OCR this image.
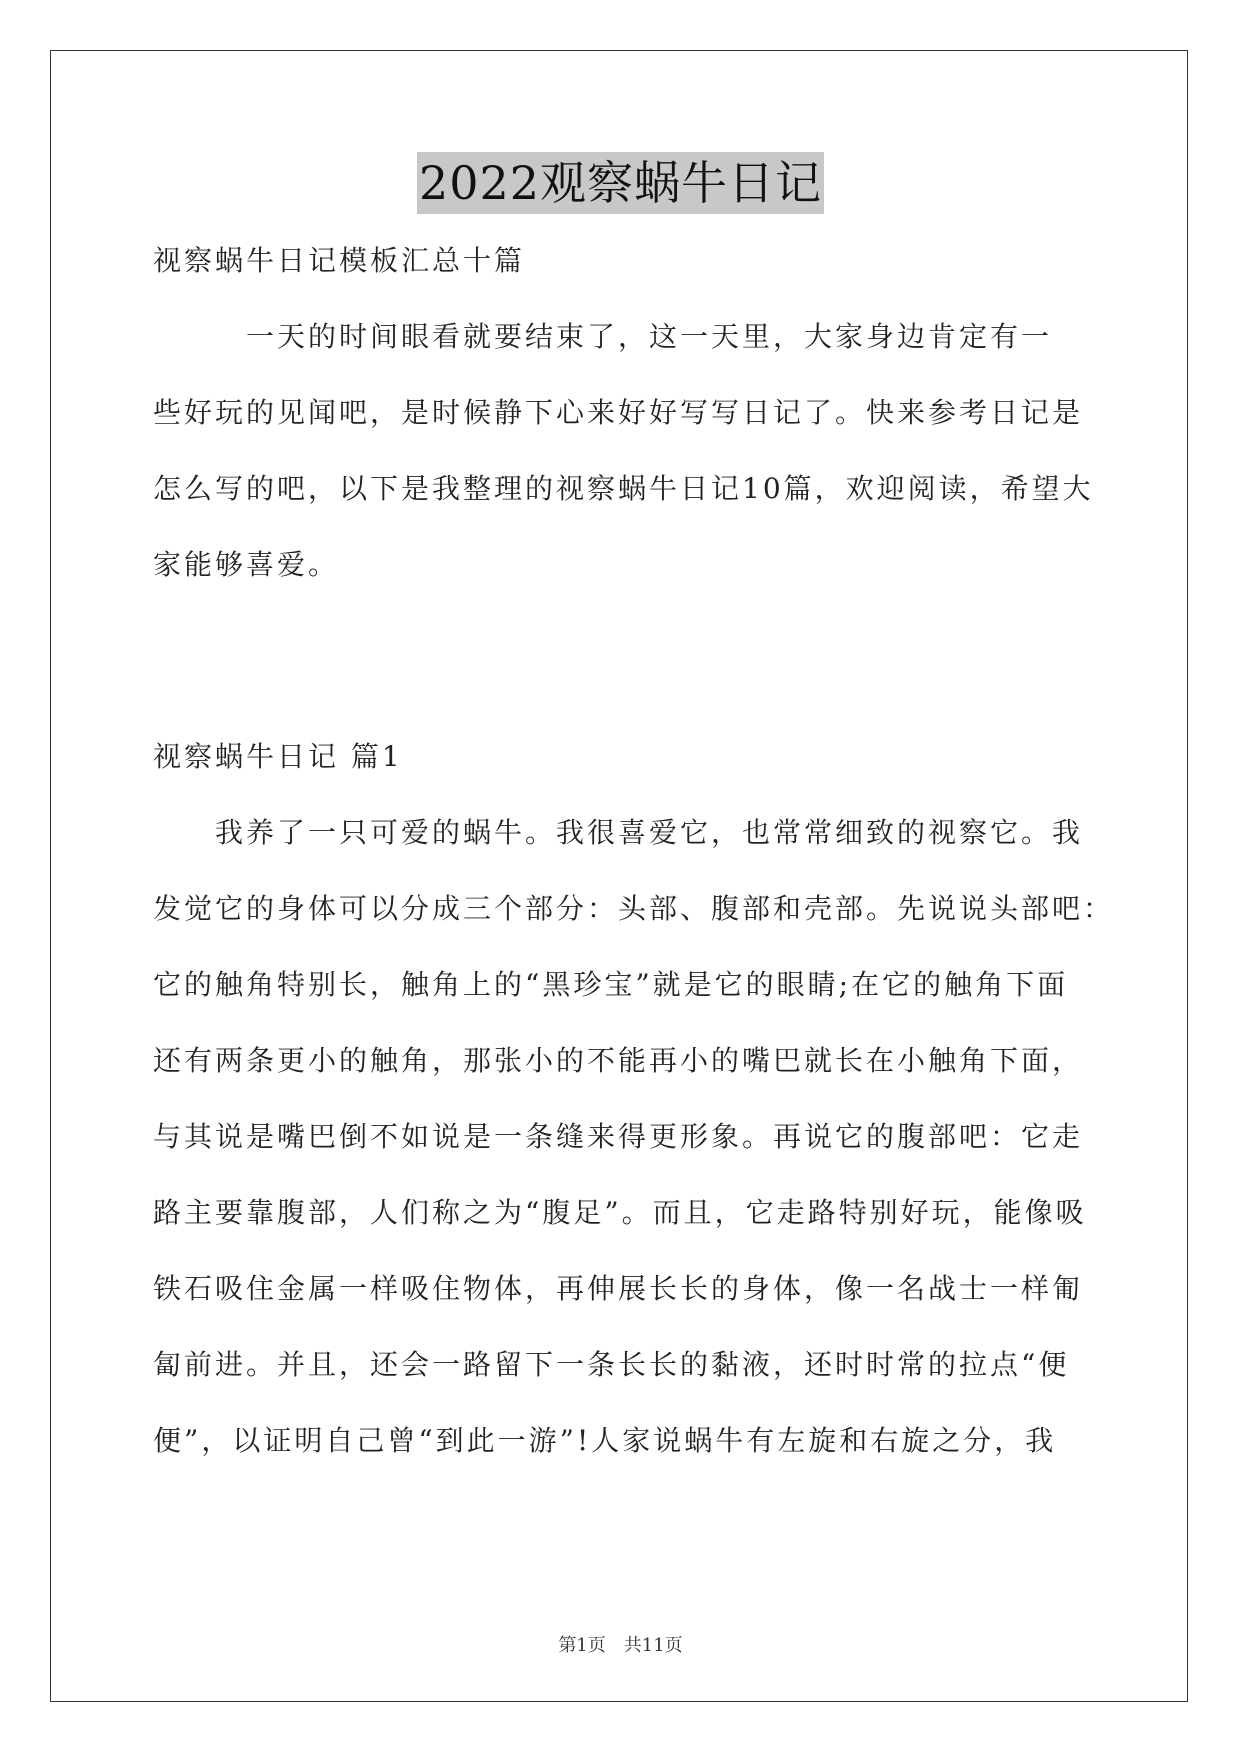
2022观察蜗牛日记
视察蜗牛日记模板汇总十篇
　　　一天的时间眼看就要结束了，这一天里，大家身边肯定有一
些好玩的见闻吧，是时候静下心来好好写写日记了。快来参考日记是
怎么写的吧，以下是我整理的视察蜗牛日记10篇，欢迎阅读，希望大
家能够喜爱。
视察蜗牛日记 篇1
　　我养了一只可爱的蜗牛。我很喜爱它，也常常细致的视察它。我
发觉它的身体可以分成三个部分：头部、腹部和壳部。先说说头部吧：
它的触角特别长，触角上的“黑珍宝”就是它的眼睛;在它的触角下面
还有两条更小的触角，那张小的不能再小的嘴巴就长在小触角下面，
与其说是嘴巴倒不如说是一条缝来得更形象。再说它的腹部吧：它走
路主要靠腹部，人们称之为“腹足”。而且，它走路特别好玩，能像吸
铁石吸住金属一样吸住物体，再伸展长长的身体，像一名战士一样匍
匐前进。并且，还会一路留下一条长长的黏液，还时时常的拉点“便
便”，以证明自己曾“到此一游”!人家说蜗牛有左旋和右旋之分，我
第1页　共11页
